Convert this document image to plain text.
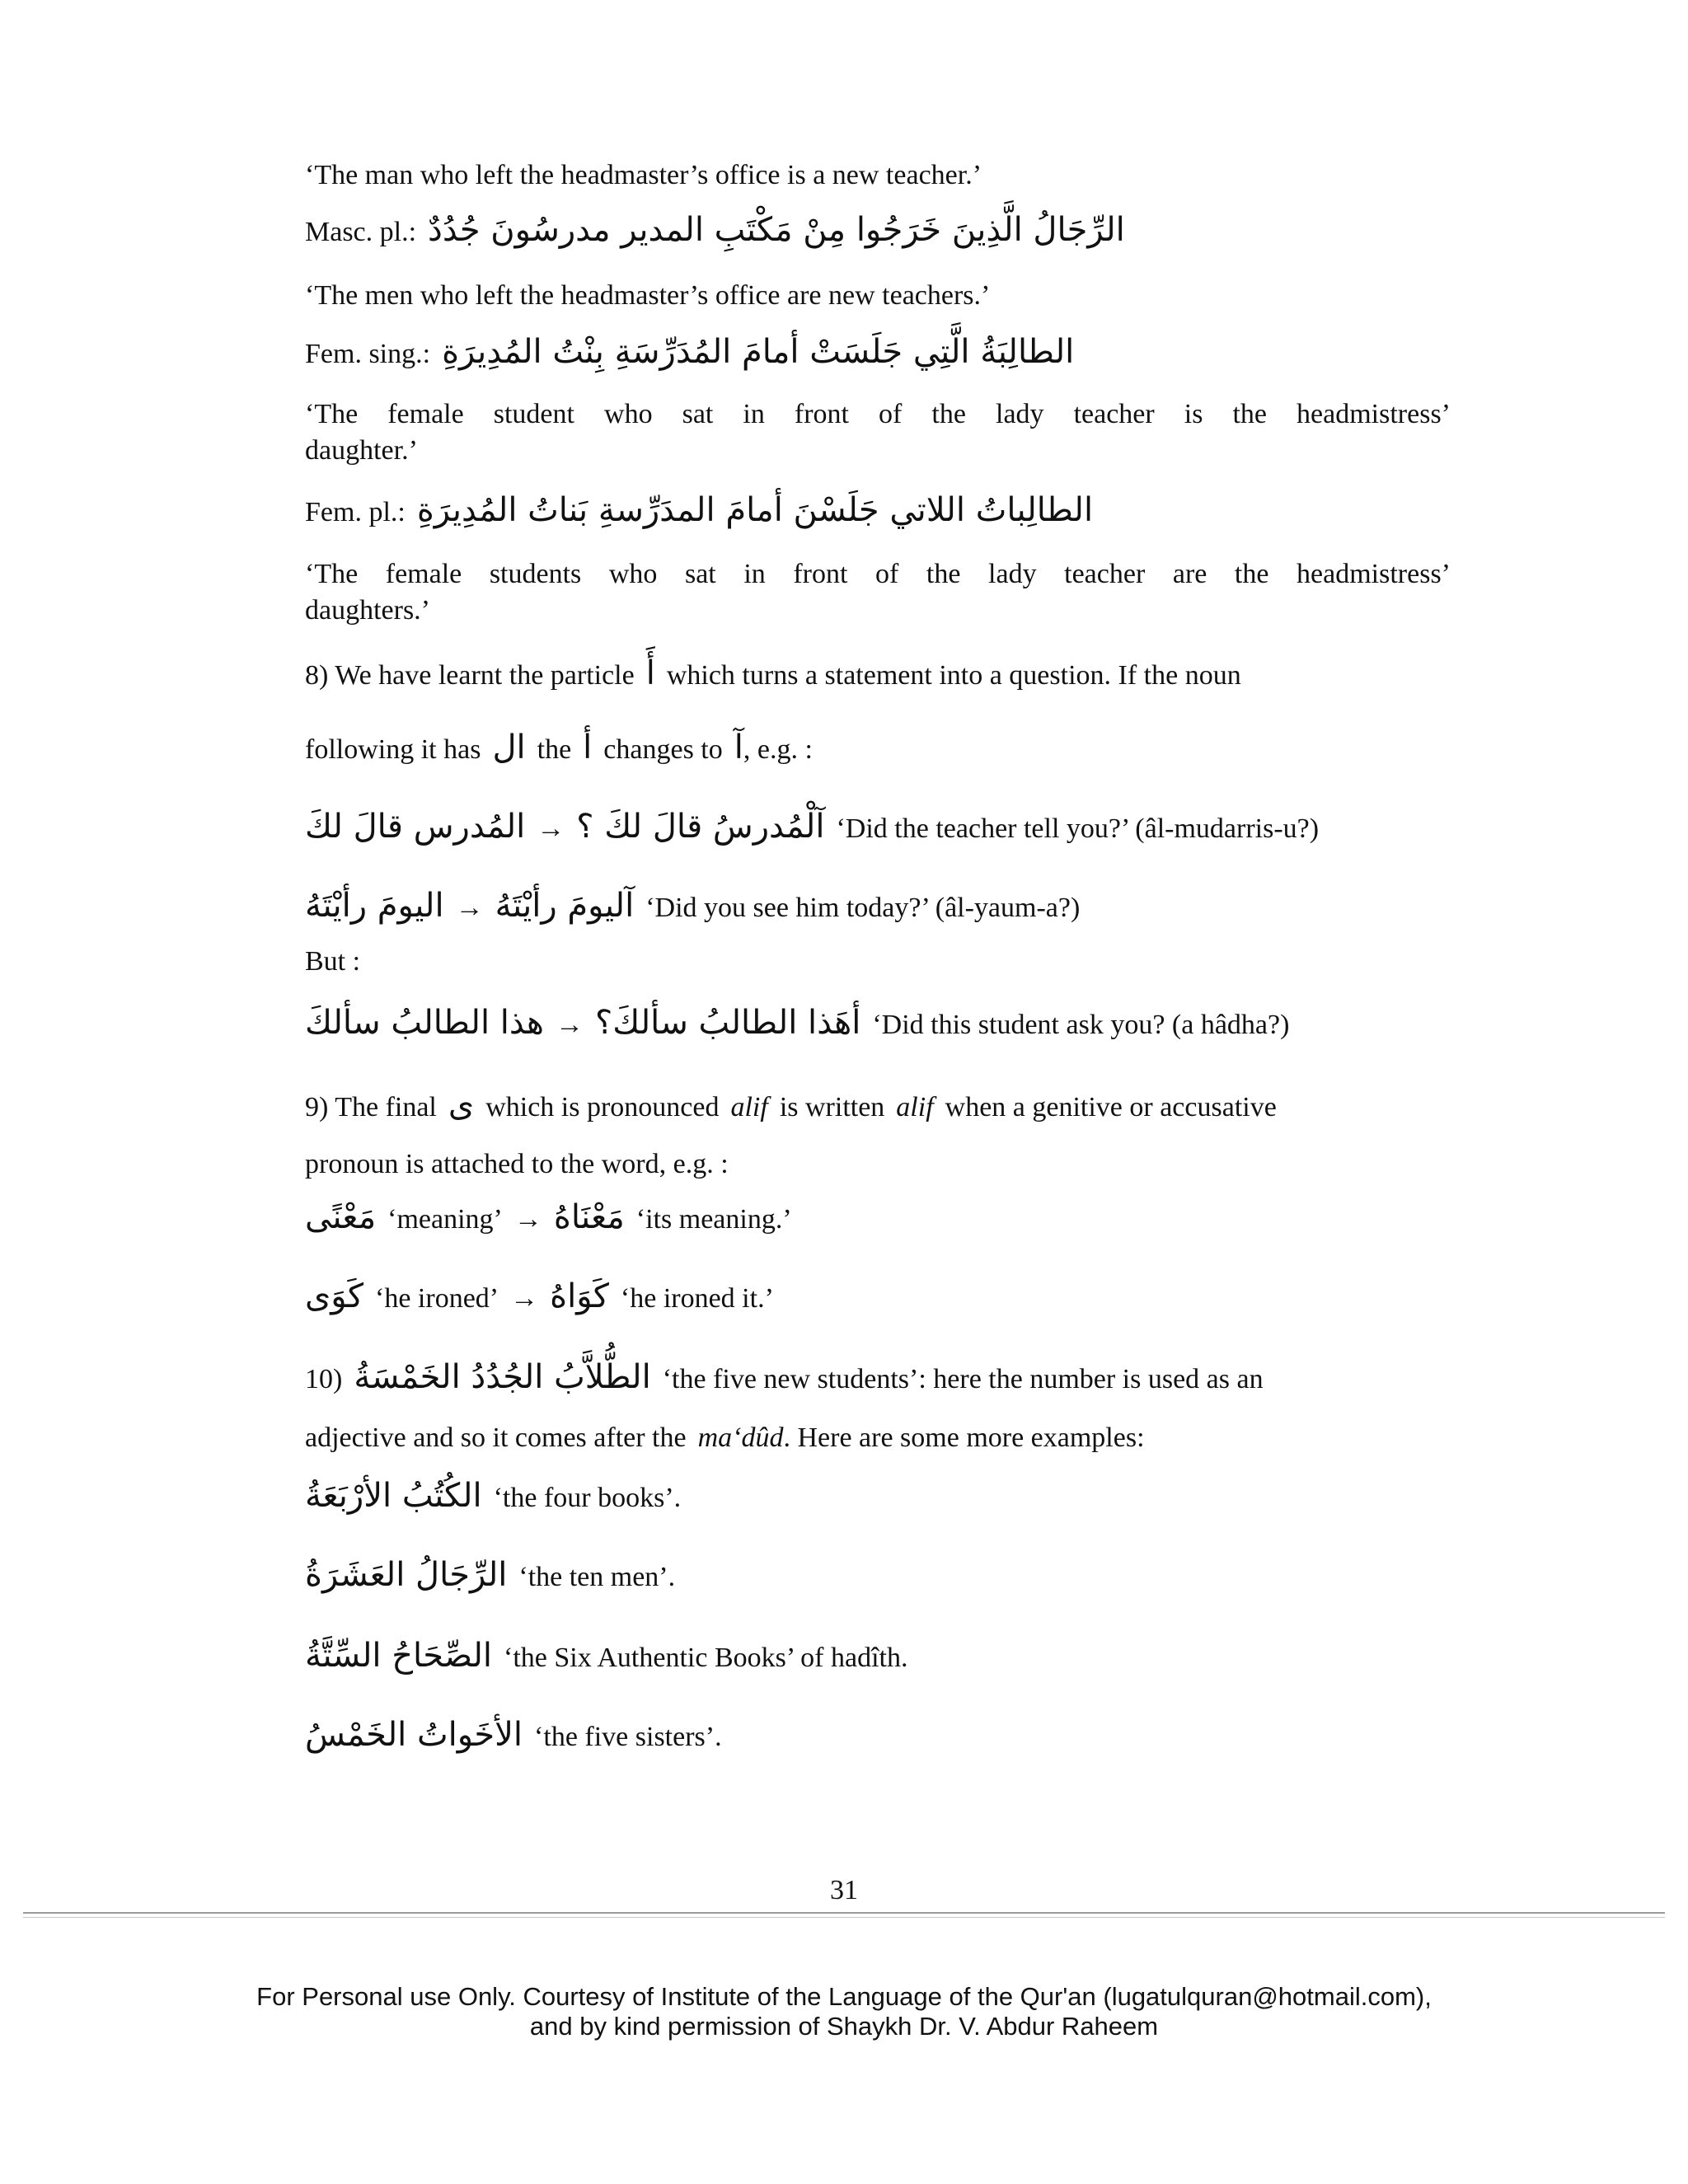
‘The man who left the headmaster’s office is a new teacher.’
Masc. pl.: الرِّجَالُ الَّذِينَ خَرَجُوا مِنْ مَكْتَبِ المدير مدرسُونَ جُدُدٌ
‘The men who left the headmaster’s office are new teachers.’
Fem. sing.: الطالِبَةُ الَّتِي جَلَسَتْ أمامَ المُدَرِّسَةِ بِنْتُ المُدِيرَةِ
‘The female student who sat in front of the lady teacher is the headmistress’
daughter.’
Fem. pl.: الطالِباتُ اللاتي جَلَسْنَ أمامَ المدَرِّسةِ بَناتُ المُدِيرَةِ
‘The female students who sat in front of the lady teacher are the headmistress’
daughters.’
8) We have learnt the particle أَ which turns a statement into a question. If the noun
following it has ال the أ changes to آ , e.g. :
المُدرس قالَ لكَ → آلْمُدرسُ قالَ لكَ ؟ ‘Did the teacher tell you?’ (âl-mudarris-u?)
اليومَ رأيْتَهُ → آليومَ رأيْتَهُ ‘Did you see him today?’ (âl-yaum-a?)
But :
هذا الطالبُ سألكَ → أهَذا الطالبُ سألكَ؟ ‘Did this student ask you? (a hâdha?)
9) The final ى which is pronounced alif is written alif when a genitive or accusative
pronoun is attached to the word, e.g. :
مَعْنًى ‘meaning’ → مَعْنَاهُ ‘its meaning.’
كَوَى ‘he ironed’ → كَوَاهُ ‘he ironed it.’
10) الطُّلاَّبُ الجُدُدُ الخَمْسَةُ ‘the five new students’: here the number is used as an
adjective and so it comes after the ma‘dûd . Here are some more examples:
الكُتُبُ الأرْبَعَةُ ‘the four books’.
الرِّجَالُ العَشَرَةُ ‘the ten men’.
الصِّحَاحُ السِّتَّةُ ‘the Six Authentic Books’ of hadîth.
الأخَواتُ الخَمْسُ ‘the five sisters’.
31
For Personal use Only. Courtesy of Institute of the Language of the Qur'an (lugatulquran@hotmail.com),
and by kind permission of Shaykh Dr. V. Abdur Raheem
